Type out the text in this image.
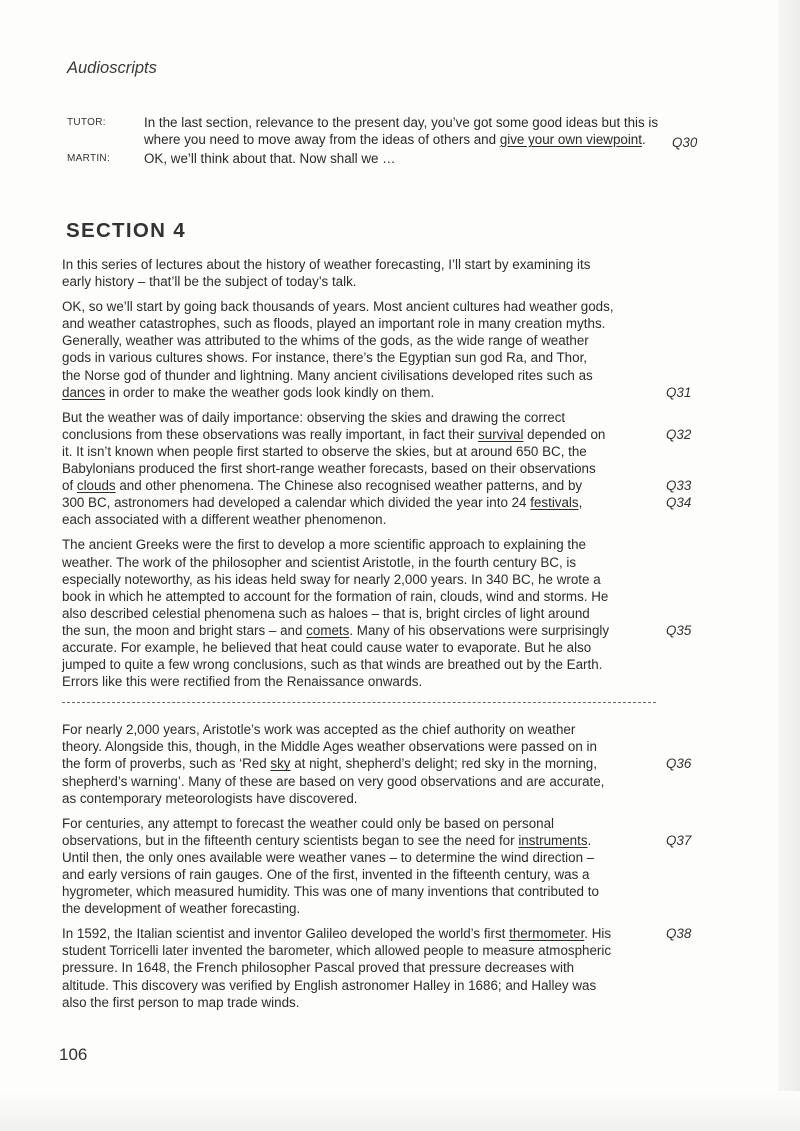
Audioscripts
TUTOR:	In the last section, relevance to the present day, you’ve got some good ideas but this is where you need to move away from the ideas of others and give your own viewpoint.	Q30
MARTIN:	OK, we’ll think about that. Now shall we …
SECTION 4
In this series of lectures about the history of weather forecasting, I’ll start by examining its
early history – that’ll be the subject of today’s talk.
OK, so we’ll start by going back thousands of years. Most ancient cultures had weather gods,
and weather catastrophes, such as floods, played an important role in many creation myths.
Generally, weather was attributed to the whims of the gods, as the wide range of weather
gods in various cultures shows. For instance, there’s the Egyptian sun god Ra, and Thor,
the Norse god of thunder and lightning. Many ancient civilisations developed rites such as
dances in order to make the weather gods look kindly on them.	Q31
But the weather was of daily importance: observing the skies and drawing the correct
conclusions from these observations was really important, in fact their survival depended on
it. It isn’t known when people first started to observe the skies, but at around 650 BC, the
Babylonians produced the first short-range weather forecasts, based on their observations
of clouds and other phenomena. The Chinese also recognised weather patterns, and by
300 BC, astronomers had developed a calendar which divided the year into 24 festivals,
each associated with a different weather phenomenon.
Q32
Q33
Q34
The ancient Greeks were the first to develop a more scientific approach to explaining the
weather. The work of the philosopher and scientist Aristotle, in the fourth century BC, is
especially noteworthy, as his ideas held sway for nearly 2,000 years. In 340 BC, he wrote a
book in which he attempted to account for the formation of rain, clouds, wind and storms. He
also described celestial phenomena such as haloes – that is, bright circles of light around
the sun, the moon and bright stars – and comets. Many of his observations were surprisingly
accurate. For example, he believed that heat could cause water to evaporate. But he also
jumped to quite a few wrong conclusions, such as that winds are breathed out by the Earth.
Errors like this were rectified from the Renaissance onwards.
Q35
For nearly 2,000 years, Aristotle’s work was accepted as the chief authority on weather
theory. Alongside this, though, in the Middle Ages weather observations were passed on in
the form of proverbs, such as ‘Red sky at night, shepherd’s delight; red sky in the morning,
shepherd’s warning’. Many of these are based on very good observations and are accurate,
as contemporary meteorologists have discovered.
Q36
For centuries, any attempt to forecast the weather could only be based on personal
observations, but in the fifteenth century scientists began to see the need for instruments.
Until then, the only ones available were weather vanes – to determine the wind direction –
and early versions of rain gauges. One of the first, invented in the fifteenth century, was a
hygrometer, which measured humidity. This was one of many inventions that contributed to
the development of weather forecasting.
Q37
In 1592, the Italian scientist and inventor Galileo developed the world’s first thermometer. His
student Torricelli later invented the barometer, which allowed people to measure atmospheric
pressure. In 1648, the French philosopher Pascal proved that pressure decreases with
altitude. This discovery was verified by English astronomer Halley in 1686; and Halley was
also the first person to map trade winds.
Q38
106
